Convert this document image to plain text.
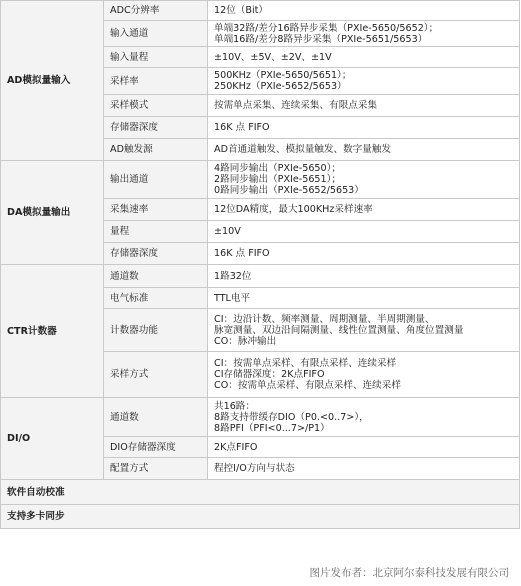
AD模拟量输入	ADC分辨率	12位（Bit）

	输入通道	单端32路/差分16路异步采集（PXIe-5650/5652）；
单端16路/差分8路异步采集（PXIe-5651/5653）

	输入量程	±10V、±5V、±2V、±1V

	采样率	500KHz（PXIe-5650/5651）；
250KHz（PXIe-5652/5653）

	采样模式	按需单点采集、连续采集、有限点采集

	存储器深度	16K 点 FIFO

	AD触发源	AD首通道触发、模拟量触发、数字量触发

DA模拟量输出	输出通道	4路同步输出（PXIe-5650）；
2路同步输出（PXIe-5651）；
0路同步输出（PXIe-5652/5653）

	采集速率	12位DA精度，最大100KHz采样速率

	量程	±10V

	存储器深度	16K 点 FIFO

CTR计数器	通道数	1路32位

	电气标准	TTL电平

	计数器功能	CI：边沿计数、频率测量、周期测量、半周期测量、
脉宽测量、双边沿间隔测量、线性位置测量、角度位置测量
CO：脉冲输出

	采样方式	CI：按需单点采样、有限点采样、连续采样
CI存储器深度：2K点FIFO
CO：按需单点采样、有限点采样、连续采样

DI/O	通道数	共16路：
8路支持带缓存DIO（P0.<0..7>），
8路PFI（PFI<0...7>/P1）

	DIO存储器深度	2K点FIFO

	配置方式	程控I/O方向与状态

软件自动校准		
支持多卡同步		
图片发布者：北京阿尔泰科技发展有限公司
